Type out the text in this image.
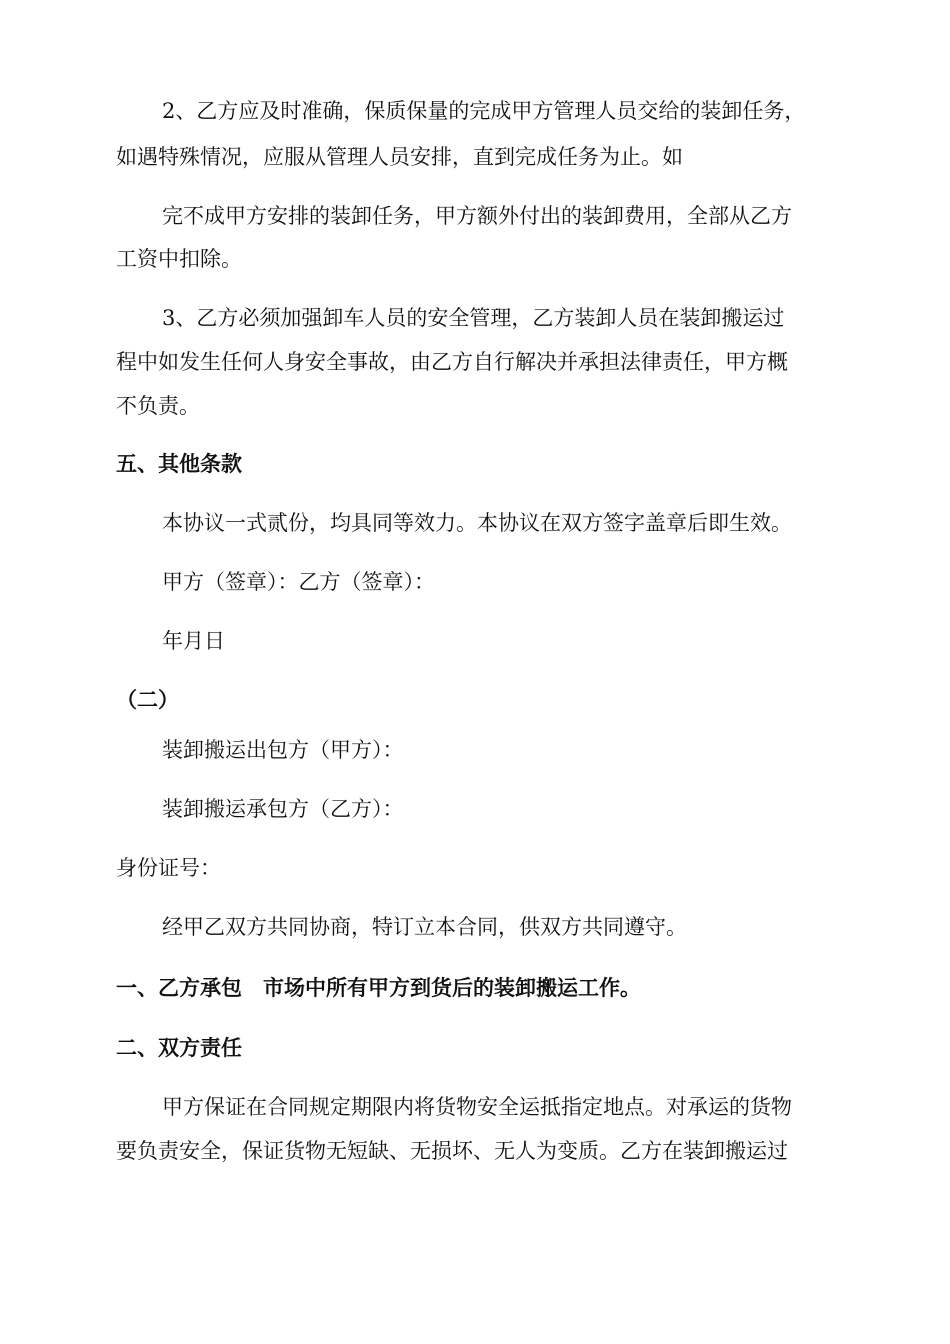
2、乙方应及时准确，保质保量的完成甲方管理人员交给的装卸任务，

如遇特殊情况，应服从管理人员安排，直到完成任务为止。如

完不成甲方安排的装卸任务，甲方额外付出的装卸费用，全部从乙方

工资中扣除。

3、乙方必须加强卸车人员的安全管理，乙方装卸人员在装卸搬运过

程中如发生任何人身安全事故，由乙方自行解决并承担法律责任，甲方概

不负责。

五、其他条款

本协议一式贰份，均具同等效力。本协议在双方签字盖章后即生效。

甲方（签章）：乙方（签章）：

年月日

（二）

装卸搬运出包方（甲方）：

装卸搬运承包方（乙方）：

身份证号：

经甲乙双方共同协商，特订立本合同，供双方共同遵守。

一、乙方承包　市场中所有甲方到货后的装卸搬运工作。

二、双方责任

甲方保证在合同规定期限内将货物安全运抵指定地点。对承运的货物

要负责安全，保证货物无短缺、无损坏、无人为变质。乙方在装卸搬运过
